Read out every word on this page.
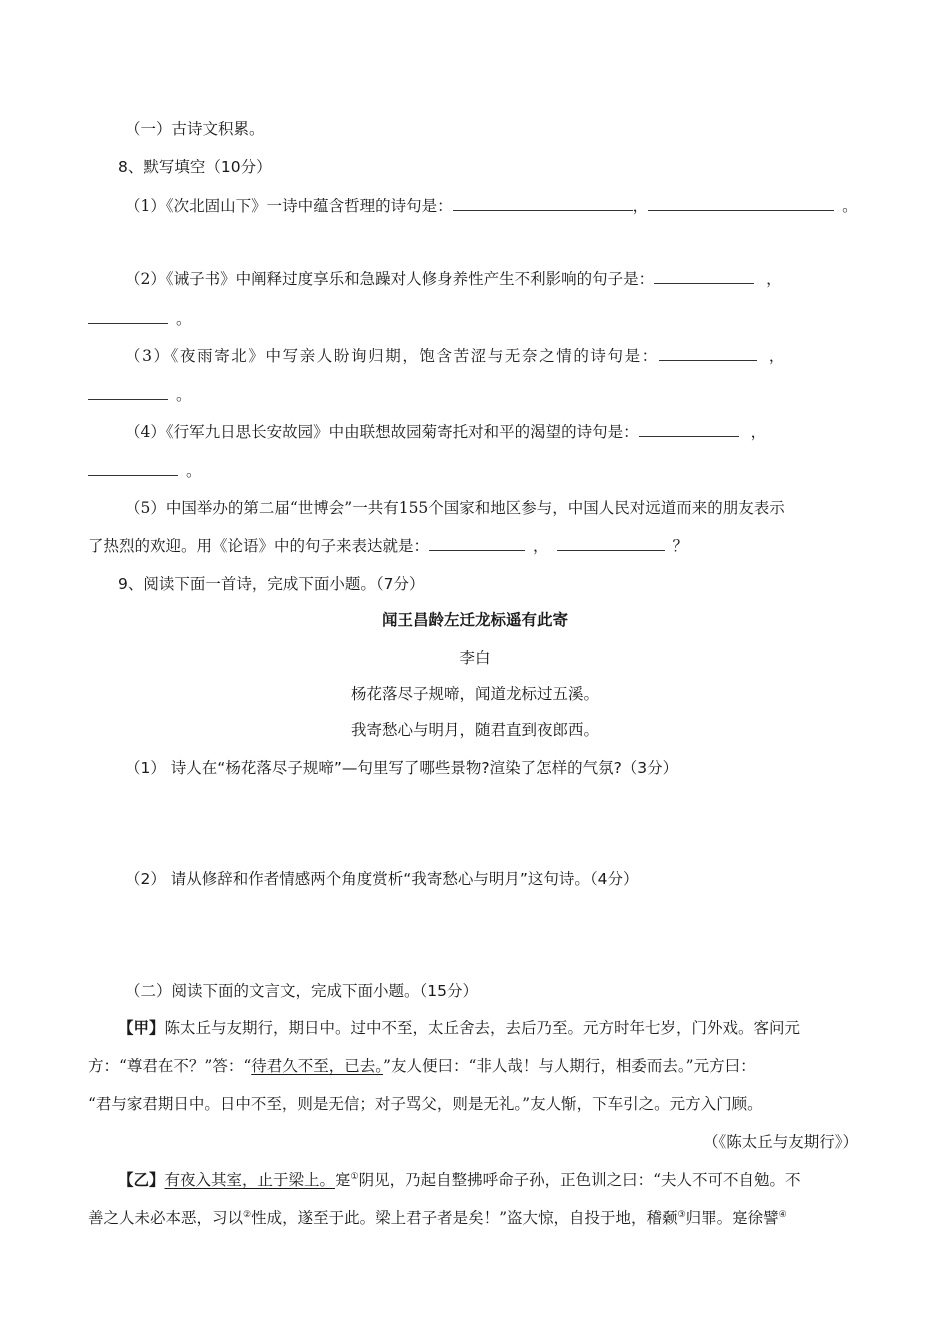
（一）古诗文积累。
8、默写填空（10分）
（1）《次北固山下》一诗中蕴含哲理的诗句是：	，	。
（2）《诫子书》中阐释过度享乐和急躁对人修身养性产生不利影响的句子是：	，
。
（3）《夜雨寄北》中写亲人盼询归期，饱含苦涩与无奈之情的诗句是：	，
。
（4）《行军九日思长安故园》中由联想故园菊寄托对和平的渴望的诗句是：	，
。
（5）中国举办的第二届“世博会”一共有155个国家和地区参与，中国人民对远道而来的朋友表示
了热烈的欢迎。用《论语》中的句子来表达就是：	，	？
9、阅读下面一首诗，完成下面小题。（7分）
闻王昌龄左迁龙标遥有此寄
李白
杨花落尽子规啼，闻道龙标过五溪。
我寄愁心与明月，随君直到夜郎西。
（1） 诗人在“杨花落尽子规啼”—句里写了哪些景物?渲染了怎样的气氛?（3分）
（2） 请从修辞和作者情感两个角度赏析“我寄愁心与明月”这句诗。（4分）
（二）阅读下面的文言文，完成下面小题。（15分）
【甲】陈太丘与友期行，期日中。过中不至，太丘舍去，去后乃至。元方时年七岁，门外戏。客问元
方：“尊君在不？”答：“待君久不至，已去。”友人便曰：“非人哉！与人期行，相委而去。”元方曰：
“君与家君期日中。日中不至，则是无信；对子骂父，则是无礼。”友人惭，下车引之。元方入门顾。
（《陈太丘与友期行》）
【乙】有夜入其室，止于梁上。寔①阴见，乃起自整拂呼命子孙，正色训之曰：“夫人不可不自勉。不
善之人未必本恶，习以②性成，遂至于此。梁上君子者是矣！”盗大惊，自投于地，稽颡③归罪。寔徐譬④
